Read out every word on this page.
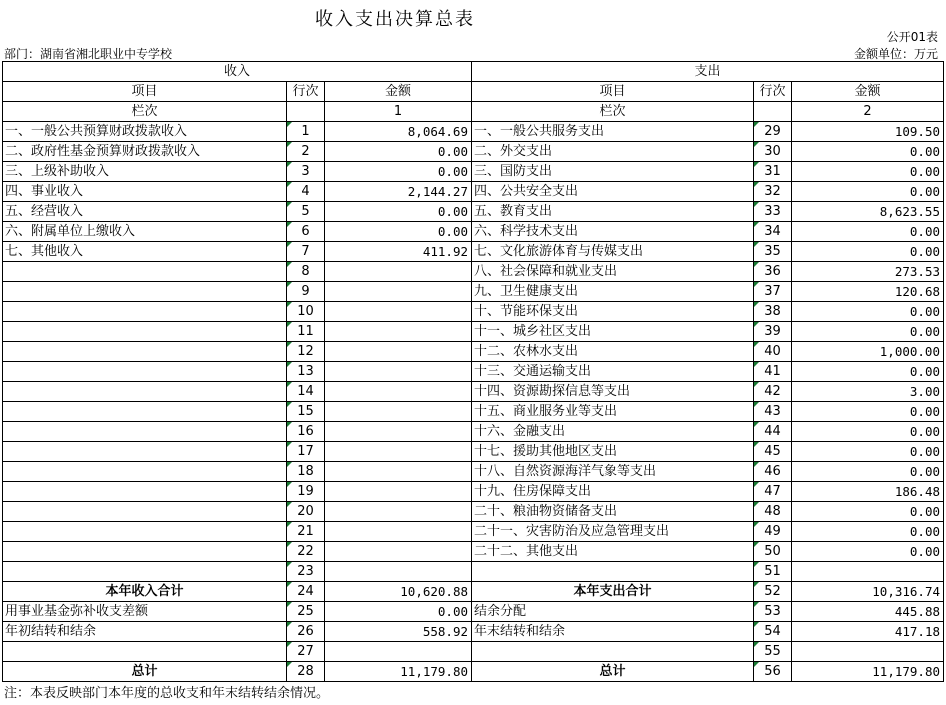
收入支出决算总表
公开01表
金额单位：万元
部门：湖南省湘北职业中专学校
收入			支出		
项目	行次	金额	项目	行次	金额
栏次		1	栏次		2
一、一般公共预算财政拨款收入	1	8,064.69	一、一般公共服务支出	29	109.50
二、政府性基金预算财政拨款收入	2	0.00	二、外交支出	30	0.00
三、上级补助收入	3	0.00	三、国防支出	31	0.00
四、事业收入	4	2,144.27	四、公共安全支出	32	0.00
五、经营收入	5	0.00	五、教育支出	33	8,623.55
六、附属单位上缴收入	6	0.00	六、科学技术支出	34	0.00
七、其他收入	7	411.92	七、文化旅游体育与传媒支出	35	0.00
	8		八、社会保障和就业支出	36	273.53
	9		九、卫生健康支出	37	120.68
	10		十、节能环保支出	38	0.00
	11		十一、城乡社区支出	39	0.00
	12		十二、农林水支出	40	1,000.00
	13		十三、交通运输支出	41	0.00
	14		十四、资源勘探信息等支出	42	3.00
	15		十五、商业服务业等支出	43	0.00
	16		十六、金融支出	44	0.00
	17		十七、援助其他地区支出	45	0.00
	18		十八、自然资源海洋气象等支出	46	0.00
	19		十九、住房保障支出	47	186.48
	20		二十、粮油物资储备支出	48	0.00
	21		二十一、灾害防治及应急管理支出	49	0.00
	22		二十二、其他支出	50	0.00
	23			51	
本年收入合计	24	10,620.88	本年支出合计	52	10,316.74
用事业基金弥补收支差额	25	0.00	结余分配	53	445.88
年初结转和结余	26	558.92	年末结转和结余	54	417.18
	27			55	
总计	28	11,179.80	总计	56	11,179.80
注：本表反映部门本年度的总收支和年末结转结余情况。
